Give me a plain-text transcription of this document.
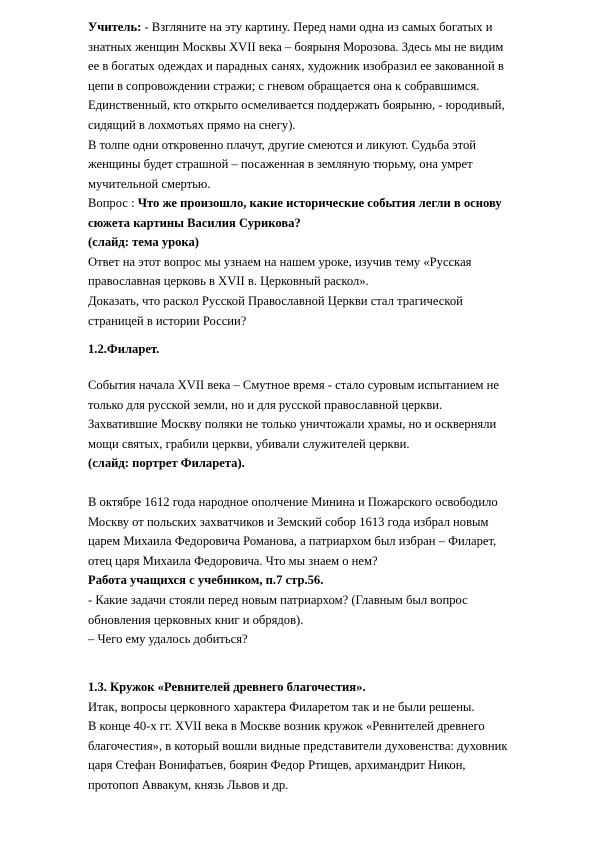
Учитель: - Взгляните на эту картину. Перед нами одна из самых богатых и
знатных женщин Москвы XVII века – боярыня Морозова. Здесь мы не видим
ее в богатых одеждах и парадных санях, художник изобразил ее закованной в
цепи в сопровождении стражи; с гневом обращается она к собравшимся.
Единственный, кто открыто осмеливается поддержать боярыню, - юродивый,
сидящий в лохмотьях прямо на снегу).
В толпе одни откровенно плачут, другие смеются и ликуют. Судьба этой
женщины будет страшной – посаженная в земляную тюрьму, она умрет
мучительной смертью.
Вопрос : Что же произошло, какие исторические события легли в основу
сюжета картины Василия Сурикова?
(слайд: тема урока)
Ответ на этот вопрос мы узнаем на нашем уроке, изучив тему «Русская
православная церковь в XVII в. Церковный раскол».
Доказать, что раскол Русской Православной Церкви стал трагической
страницей в истории России?
1.2.Филарет.
События начала XVII века – Смутное время - стало суровым испытанием не
только для русской земли, но и для русской православной церкви.
Захватившие Москву поляки не только уничтожали храмы, но и оскверняли
мощи святых, грабили церкви, убивали служителей церкви.
(слайд: портрет Филарета).
В октябре 1612 года народное ополчение Минина и Пожарского освободило
Москву от польских захватчиков и Земский собор 1613 года избрал новым
царем Михаила Федоровича Романова, а патриархом был избран – Филарет,
отец царя Михаила Федоровича. Что мы знаем о нем?
Работа учащихся с учебником, п.7 стр.56.
- Какие задачи стояли перед новым патриархом? (Главным был вопрос
обновления церковных книг и обрядов).
– Чего ему удалось добиться?
1.3. Кружок «Ревнителей древнего благочестия».
Итак, вопросы церковного характера Филаретом так и не были решены.
В конце 40-х гг. XVII века в Москве возник кружок «Ревнителей древнего
благочестия», в который вошли видные представители духовенства: духовник
царя Стефан Вонифатьев, боярин Федор Ртищев, архимандрит Никон,
протопоп Аввакум, князь Львов и др.
